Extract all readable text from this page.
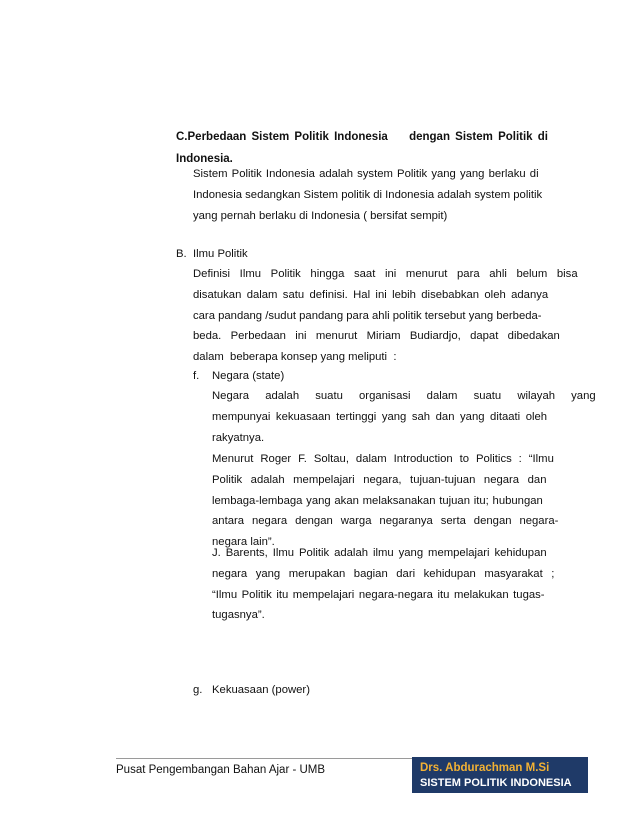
C.Perbedaan Sistem Politik Indonesia dengan Sistem Politik di
Indonesia.
Sistem Politik Indonesia adalah system Politik yang yang berlaku di
Indonesia sedangkan Sistem politik di Indonesia adalah system politik
yang pernah berlaku di Indonesia ( bersifat sempit)
B. Ilmu Politik
Definisi Ilmu Politik hingga saat ini menurut para ahli belum bisa
disatukan dalam satu definisi. Hal ini lebih disebabkan oleh adanya
cara pandang /sudut pandang para ahli politik tersebut yang berbeda-
beda. Perbedaan ini menurut Miriam Budiardjo, dapat dibedakan
dalam  beberapa konsep yang meliputi  :
f. Negara (state)
Negara adalah suatu organisasi dalam suatu wilayah yang
mempunyai kekuasaan tertinggi yang sah dan yang ditaati oleh
rakyatnya.
Menurut Roger F. Soltau, dalam Introduction to Politics : “Ilmu
Politik adalah mempelajari negara, tujuan-tujuan negara dan
lembaga-lembaga yang akan melaksanakan tujuan itu; hubungan
antara negara dengan warga negaranya serta dengan negara-
negara lain”.
J. Barents, Ilmu Politik adalah ilmu yang mempelajari kehidupan
negara yang merupakan bagian dari kehidupan masyarakat ;
“Ilmu Politik itu mempelajari negara-negara itu melakukan tugas-
tugasnya”.
g. Kekuasaan (power)
Pusat Pengembangan Bahan Ajar - UMB	Drs. Abdurachman M.Si
SISTEM POLITIK INDONESIA
